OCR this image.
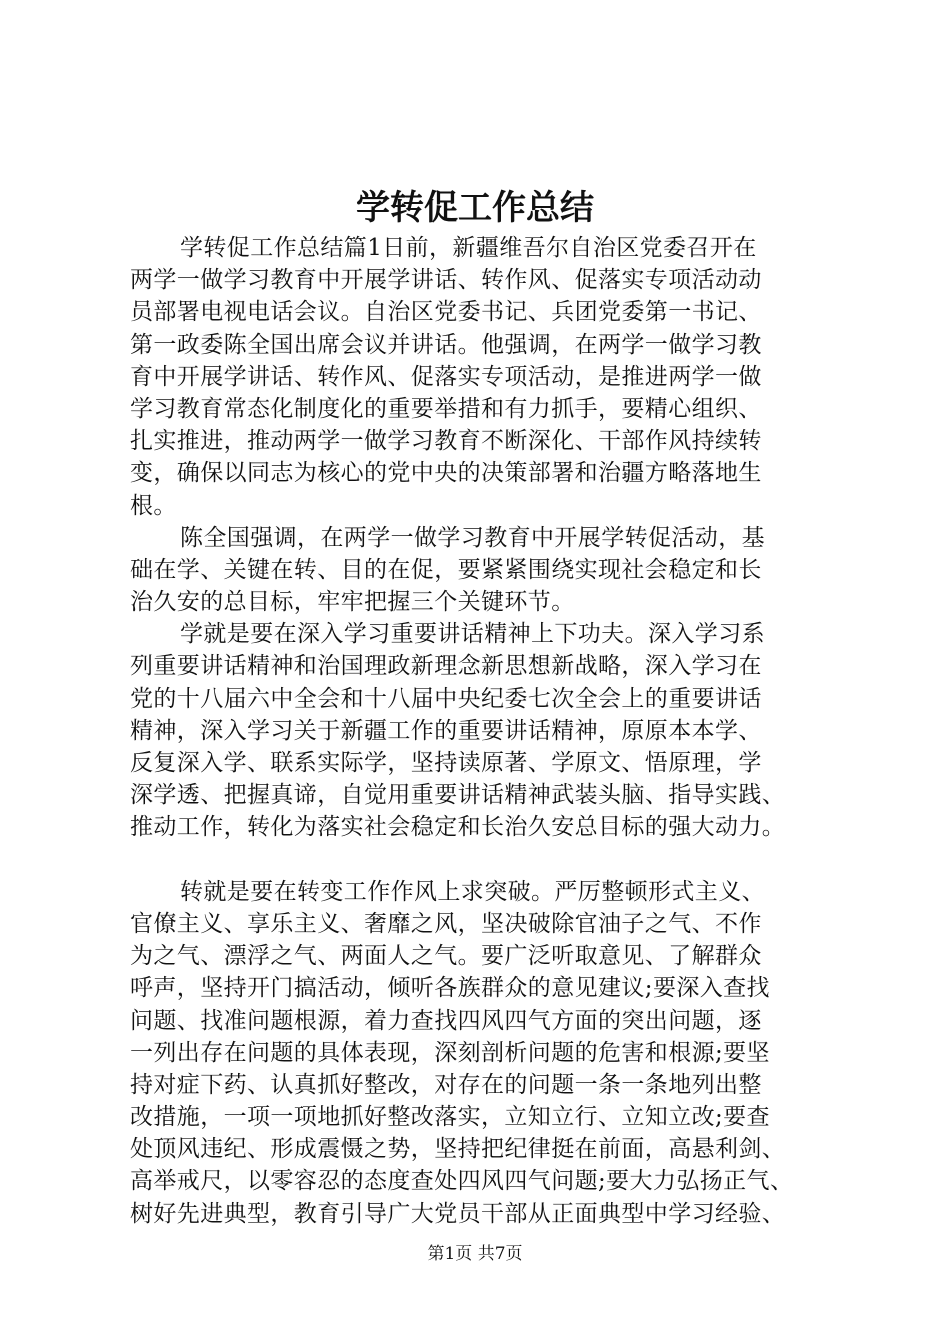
学转促工作总结
学转促工作总结篇1日前，新疆维吾尔自治区党委召开在
两学一做学习教育中开展学讲话、转作风、促落实专项活动动
员部署电视电话会议。自治区党委书记、兵团党委第一书记、
第一政委陈全国出席会议并讲话。他强调，在两学一做学习教
育中开展学讲话、转作风、促落实专项活动，是推进两学一做
学习教育常态化制度化的重要举措和有力抓手，要精心组织、
扎实推进，推动两学一做学习教育不断深化、干部作风持续转
变，确保以同志为核心的党中央的决策部署和治疆方略落地生
根。
陈全国强调，在两学一做学习教育中开展学转促活动，基
础在学、关键在转、目的在促，要紧紧围绕实现社会稳定和长
治久安的总目标，牢牢把握三个关键环节。
学就是要在深入学习重要讲话精神上下功夫。深入学习系
列重要讲话精神和治国理政新理念新思想新战略，深入学习在
党的十八届六中全会和十八届中央纪委七次全会上的重要讲话
精神，深入学习关于新疆工作的重要讲话精神，原原本本学、
反复深入学、联系实际学，坚持读原著、学原文、悟原理，学
深学透、把握真谛，自觉用重要讲话精神武装头脑、指导实践、
推动工作，转化为落实社会稳定和长治久安总目标的强大动力。
转就是要在转变工作作风上求突破。严厉整顿形式主义、
官僚主义、享乐主义、奢靡之风，坚决破除官油子之气、不作
为之气、漂浮之气、两面人之气。要广泛听取意见、了解群众
呼声，坚持开门搞活动，倾听各族群众的意见建议;要深入查找
问题、找准问题根源，着力查找四风四气方面的突出问题，逐
一列出存在问题的具体表现，深刻剖析问题的危害和根源;要坚
持对症下药、认真抓好整改，对存在的问题一条一条地列出整
改措施，一项一项地抓好整改落实，立知立行、立知立改;要查
处顶风违纪、形成震慑之势，坚持把纪律挺在前面，高悬利剑、
高举戒尺，以零容忍的态度查处四风四气问题;要大力弘扬正气、
树好先进典型，教育引导广大党员干部从正面典型中学习经验、
第1页 共7页
